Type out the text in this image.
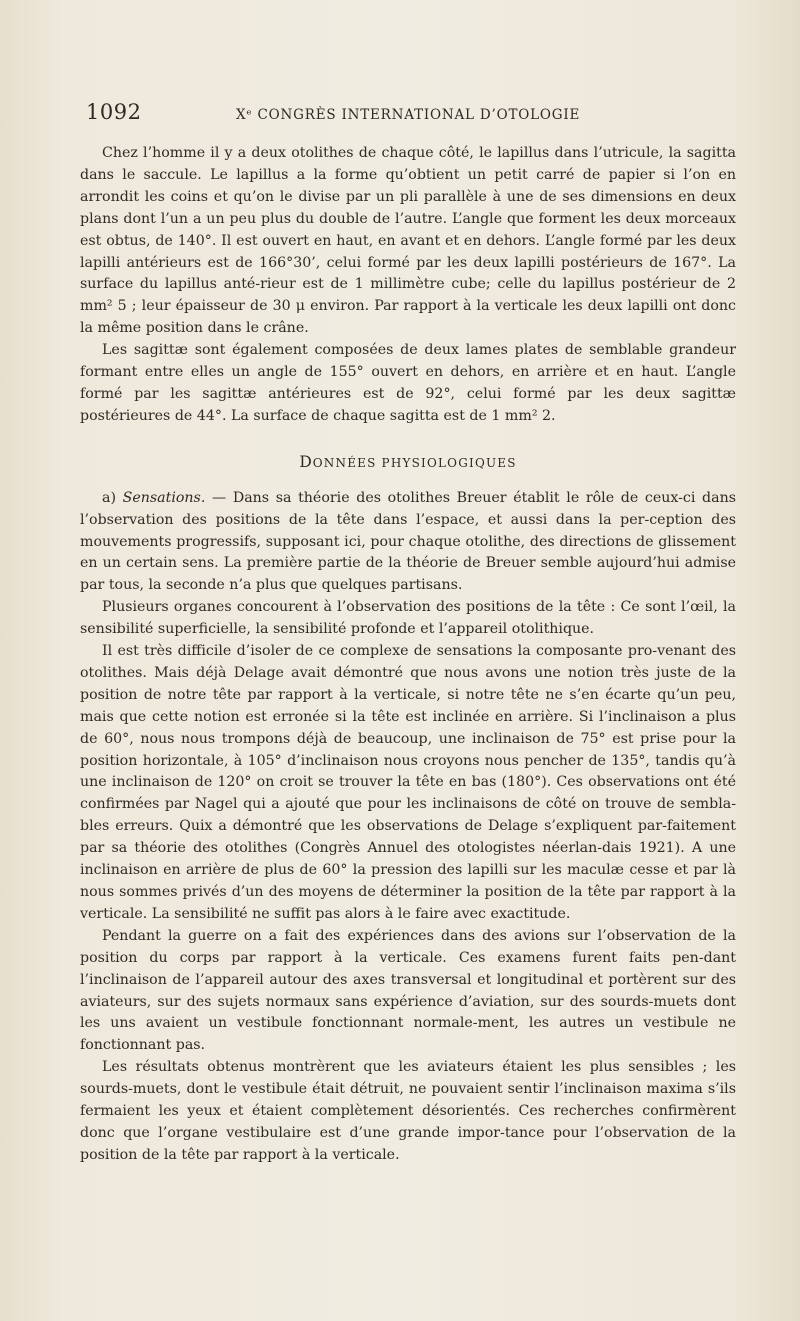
1092	Xᵉ CONGRÈS INTERNATIONAL D’OTOLOGIE

Chez l’homme il y a deux otolithes de chaque côté, le lapillus dans l’utricule, la sagitta dans le saccule. Le lapillus a la forme qu’obtient un petit carré de papier si l’on en arrondit les coins et qu’on le divise par un pli parallèle à une de ses dimensions en deux plans dont l’un a un peu plus du double de l’autre. L’angle que forment les deux morceaux est obtus, de 140°. Il est ouvert en haut, en avant et en dehors. L’angle formé par les deux lapilli antérieurs est de 166°30’, celui formé par les deux lapilli postérieurs de 167°. La surface du lapillus anté-rieur est de 1 millimètre cube; celle du lapillus postérieur de 2 mm² 5 ; leur épaisseur de 30 μ environ. Par rapport à la verticale les deux lapilli ont donc la même position dans le crâne.

Les sagittæ sont également composées de deux lames plates de semblable grandeur formant entre elles un angle de 155° ouvert en dehors, en arrière et en haut. L’angle formé par les sagittæ antérieures est de 92°, celui formé par les deux sagittæ postérieures de 44°. La surface de chaque sagitta est de 1 mm² 2.

DONNÉES PHYSIOLOGIQUES

a) Sensations. — Dans sa théorie des otolithes Breuer établit le rôle de ceux-ci dans l’observation des positions de la tête dans l’espace, et aussi dans la per-ception des mouvements progressifs, supposant ici, pour chaque otolithe, des directions de glissement en un certain sens. La première partie de la théorie de Breuer semble aujourd’hui admise par tous, la seconde n’a plus que quelques partisans.

Plusieurs organes concourent à l’observation des positions de la tête : Ce sont l’œil, la sensibilité superficielle, la sensibilité profonde et l’appareil otolithique.

Il est très difficile d’isoler de ce complexe de sensations la composante pro-venant des otolithes. Mais déjà Delage avait démontré que nous avons une notion très juste de la position de notre tête par rapport à la verticale, si notre tête ne s’en écarte qu’un peu, mais que cette notion est erronée si la tête est inclinée en arrière. Si l’inclinaison a plus de 60°, nous nous trompons déjà de beaucoup, une inclinaison de 75° est prise pour la position horizontale, à 105° d’inclinaison nous croyons nous pencher de 135°, tandis qu’à une inclinaison de 120° on croit se trouver la tête en bas (180°). Ces observations ont été confirmées par Nagel qui a ajouté que pour les inclinaisons de côté on trouve de sembla-bles erreurs. Quix a démontré que les observations de Delage s’expliquent par-faitement par sa théorie des otolithes (Congrès Annuel des otologistes néerlan-dais 1921). A une inclinaison en arrière de plus de 60° la pression des lapilli sur les maculæ cesse et par là nous sommes privés d’un des moyens de déterminer la position de la tête par rapport à la verticale. La sensibilité ne suffit pas alors à le faire avec exactitude.

Pendant la guerre on a fait des expériences dans des avions sur l’observation de la position du corps par rapport à la verticale. Ces examens furent faits pen-dant l’inclinaison de l’appareil autour des axes transversal et longitudinal et portèrent sur des aviateurs, sur des sujets normaux sans expérience d’aviation, sur des sourds-muets dont les uns avaient un vestibule fonctionnant normale-ment, les autres un vestibule ne fonctionnant pas.

Les résultats obtenus montrèrent que les aviateurs étaient les plus sensibles ; les sourds-muets, dont le vestibule était détruit, ne pouvaient sentir l’inclinaison maxima s’ils fermaient les yeux et étaient complètement désorientés. Ces recherches confirmèrent donc que l’organe vestibulaire est d’une grande impor-tance pour l’observation de la position de la tête par rapport à la verticale.
